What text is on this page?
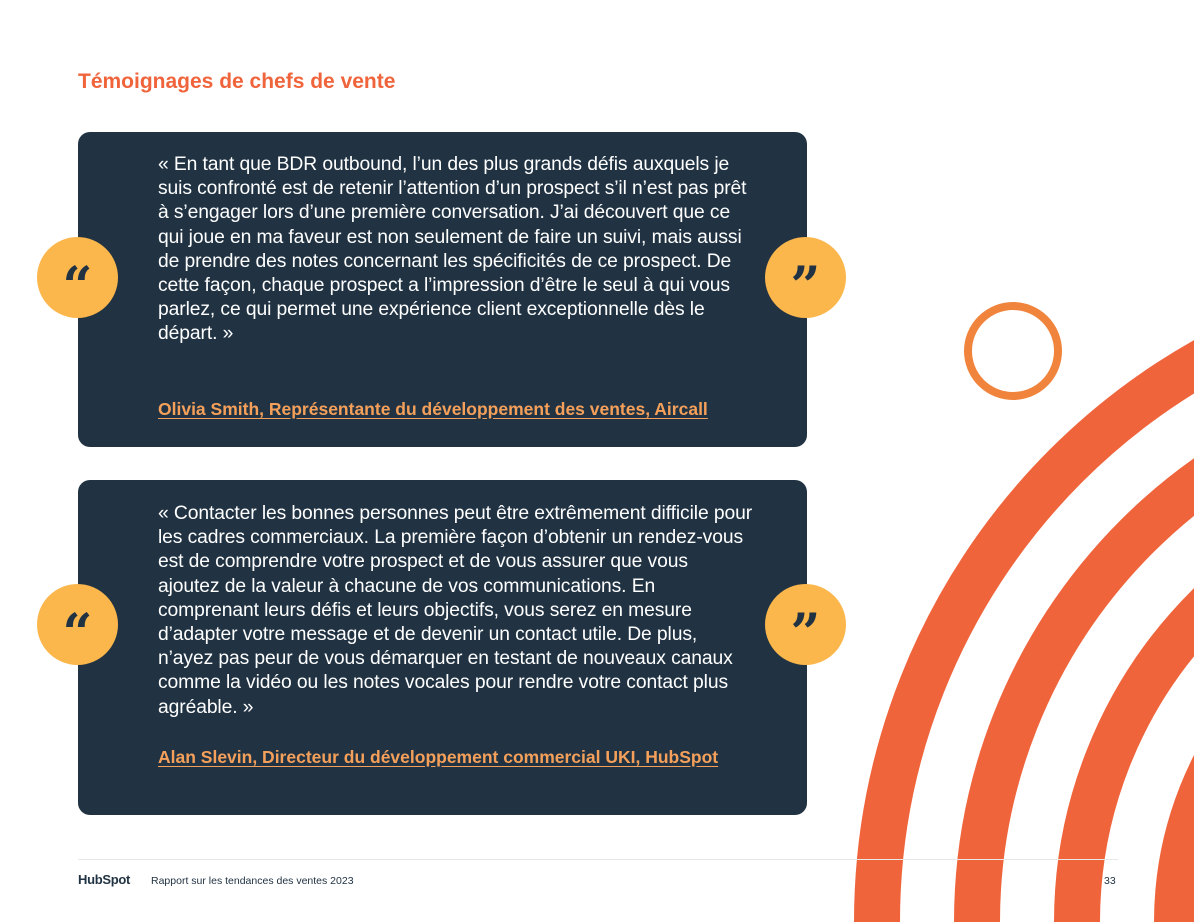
Témoignages de chefs de vente

« En tant que BDR outbound, l’un des plus grands défis auxquels je suis confronté est de retenir l’attention d’un prospect s’il n’est pas prêt à s’engager lors d’une première conversation. J’ai découvert que ce qui joue en ma faveur est non seulement de faire un suivi, mais aussi de prendre des notes concernant les spécificités de ce prospect. De cette façon, chaque prospect a l’impression d’être le seul à qui vous parlez, ce qui permet une expérience client exceptionnelle dès le départ. »

Olivia Smith, Représentante du développement des ventes, Aircall
“	”

« Contacter les bonnes personnes peut être extrêmement difficile pour les cadres commerciaux. La première façon d’obtenir un rendez-vous est de comprendre votre prospect et de vous assurer que vous ajoutez de la valeur à chacune de vos communications. En comprenant leurs défis et leurs objectifs, vous serez en mesure d’adapter votre message et de devenir un contact utile. De plus, n’ayez pas peur de vous démarquer en testant de nouveaux canaux comme la vidéo ou les notes vocales pour rendre votre contact plus agréable. »

Alan Slevin, Directeur du développement commercial UKI, HubSpot
“	”
HubSpot Rapport sur les tendances des ventes 2023	33
